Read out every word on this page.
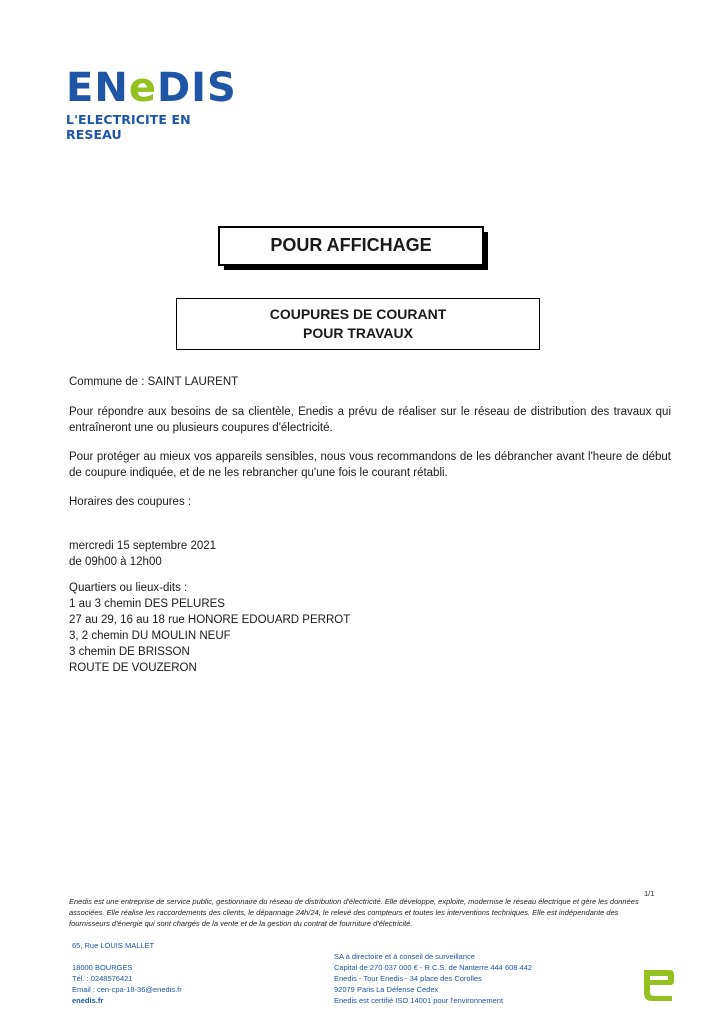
ENeDIS
L'ELECTRICITE EN RESEAU
POUR AFFICHAGE
COUPURES DE COURANT
POUR TRAVAUX
Commune de : SAINT LAURENT
Pour répondre aux besoins de sa clientèle, Enedis a prévu de réaliser sur le réseau de distribution des travaux qui entraîneront une ou plusieurs coupures d'électricité.
Pour protéger au mieux vos appareils sensibles, nous vous recommandons de les débrancher avant l'heure de début de coupure indiquée, et de ne les rebrancher qu'une fois le courant rétabli.
Horaires des coupures :
mercredi 15 septembre 2021
de 09h00 à 12h00
Quartiers ou lieux-dits :
1 au 3 chemin DES PELURES
27 au 29, 16 au 18 rue HONORE EDOUARD PERROT
3, 2 chemin DU MOULIN NEUF
3 chemin DE BRISSON
ROUTE DE VOUZERON
1/1
Enedis est une entreprise de service public, gestionnaire du réseau de distribution d'électricité. Elle développe, exploite, modernise le réseau électrique et gère les données associées. Elle réalise les raccordements des clients, le dépannage 24h/24, le relevé des compteurs et toutes les interventions techniques. Elle est indépendante des fournisseurs d'énergie qui sont chargés de la vente et de la gestion du contrat de fourniture d'électricité.
65, Rue LOUIS MALLET
18000 BOURGES
Tél. : 0248576421
Email : cen-cpa-18-36@enedis.fr
enedis.fr
SA à directoire et à conseil de surveillance
Capital de 270 037 000 € - R.C.S. de Nanterre 444 608 442
Enedis - Tour Enedis - 34 place des Corolles
92079 Paris La Défense Cedex
Enedis est certifié ISO 14001 pour l'environnement
